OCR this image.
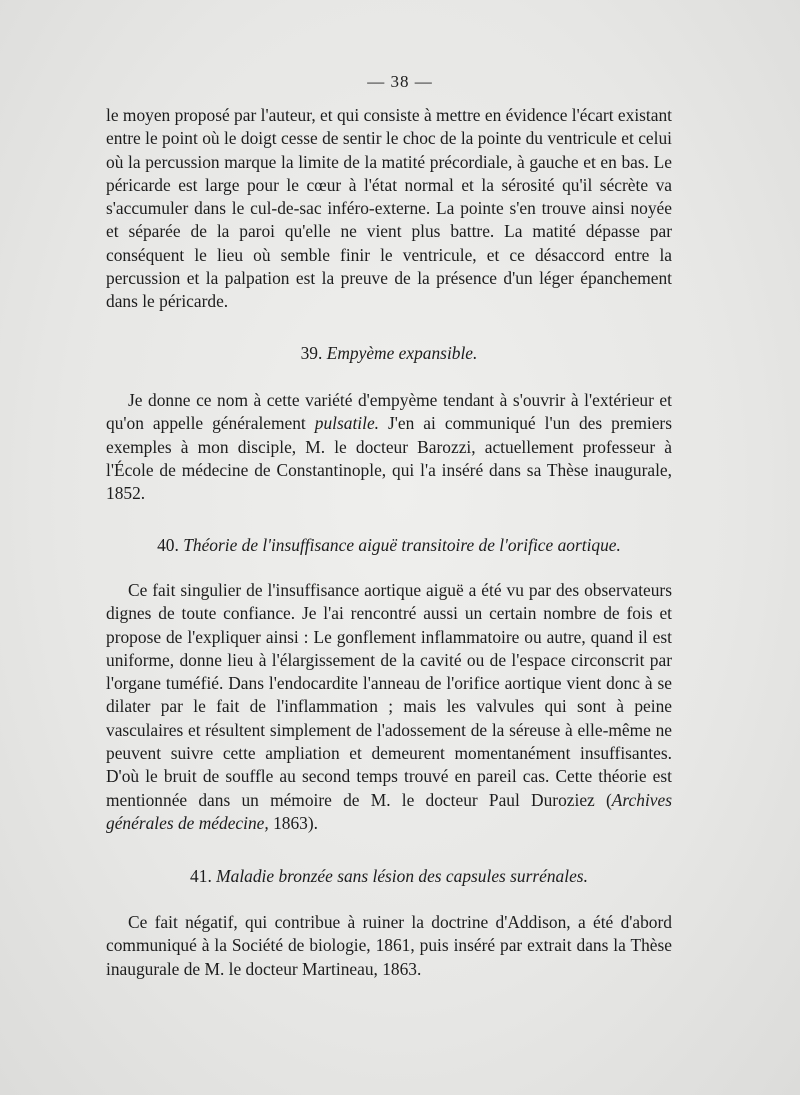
— 38 —

le moyen proposé par l'auteur, et qui consiste à mettre en évidence l'écart existant entre le point où le doigt cesse de sentir le choc de la pointe du ventricule et celui où la percussion marque la limite de la matité précordiale, à gauche et en bas. Le péricarde est large pour le cœur à l'état normal et la sérosité qu'il sécrète va s'accumuler dans le cul-de-sac inféro-externe. La pointe s'en trouve ainsi noyée et séparée de la paroi qu'elle ne vient plus battre. La matité dépasse par conséquent le lieu où semble finir le ventricule, et ce désaccord entre la percussion et la palpation est la preuve de la présence d'un léger épanchement dans le péricarde.

39. Empyème expansible.

Je donne ce nom à cette variété d'empyème tendant à s'ouvrir à l'extérieur et qu'on appelle généralement pulsatile. J'en ai communiqué l'un des premiers exemples à mon disciple, M. le docteur Barozzi, actuellement professeur à l'École de médecine de Constantinople, qui l'a inséré dans sa Thèse inaugurale, 1852.

40. Théorie de l'insuffisance aiguë transitoire de l'orifice aortique.

Ce fait singulier de l'insuffisance aortique aiguë a été vu par des observateurs dignes de toute confiance. Je l'ai rencontré aussi un certain nombre de fois et propose de l'expliquer ainsi : Le gonflement inflammatoire ou autre, quand il est uniforme, donne lieu à l'élargissement de la cavité ou de l'espace circonscrit par l'organe tuméfié. Dans l'endocardite l'anneau de l'orifice aortique vient donc à se dilater par le fait de l'inflammation ; mais les valvules qui sont à peine vasculaires et résultent simplement de l'adossement de la séreuse à elle-même ne peuvent suivre cette ampliation et demeurent momentanément insuffisantes. D'où le bruit de souffle au second temps trouvé en pareil cas. Cette théorie est mentionnée dans un mémoire de M. le docteur Paul Duroziez (Archives générales de médecine, 1863).

41. Maladie bronzée sans lésion des capsules surrénales.

Ce fait négatif, qui contribue à ruiner la doctrine d'Addison, a été d'abord communiqué à la Société de biologie, 1861, puis inséré par extrait dans la Thèse inaugurale de M. le docteur Martineau, 1863.
